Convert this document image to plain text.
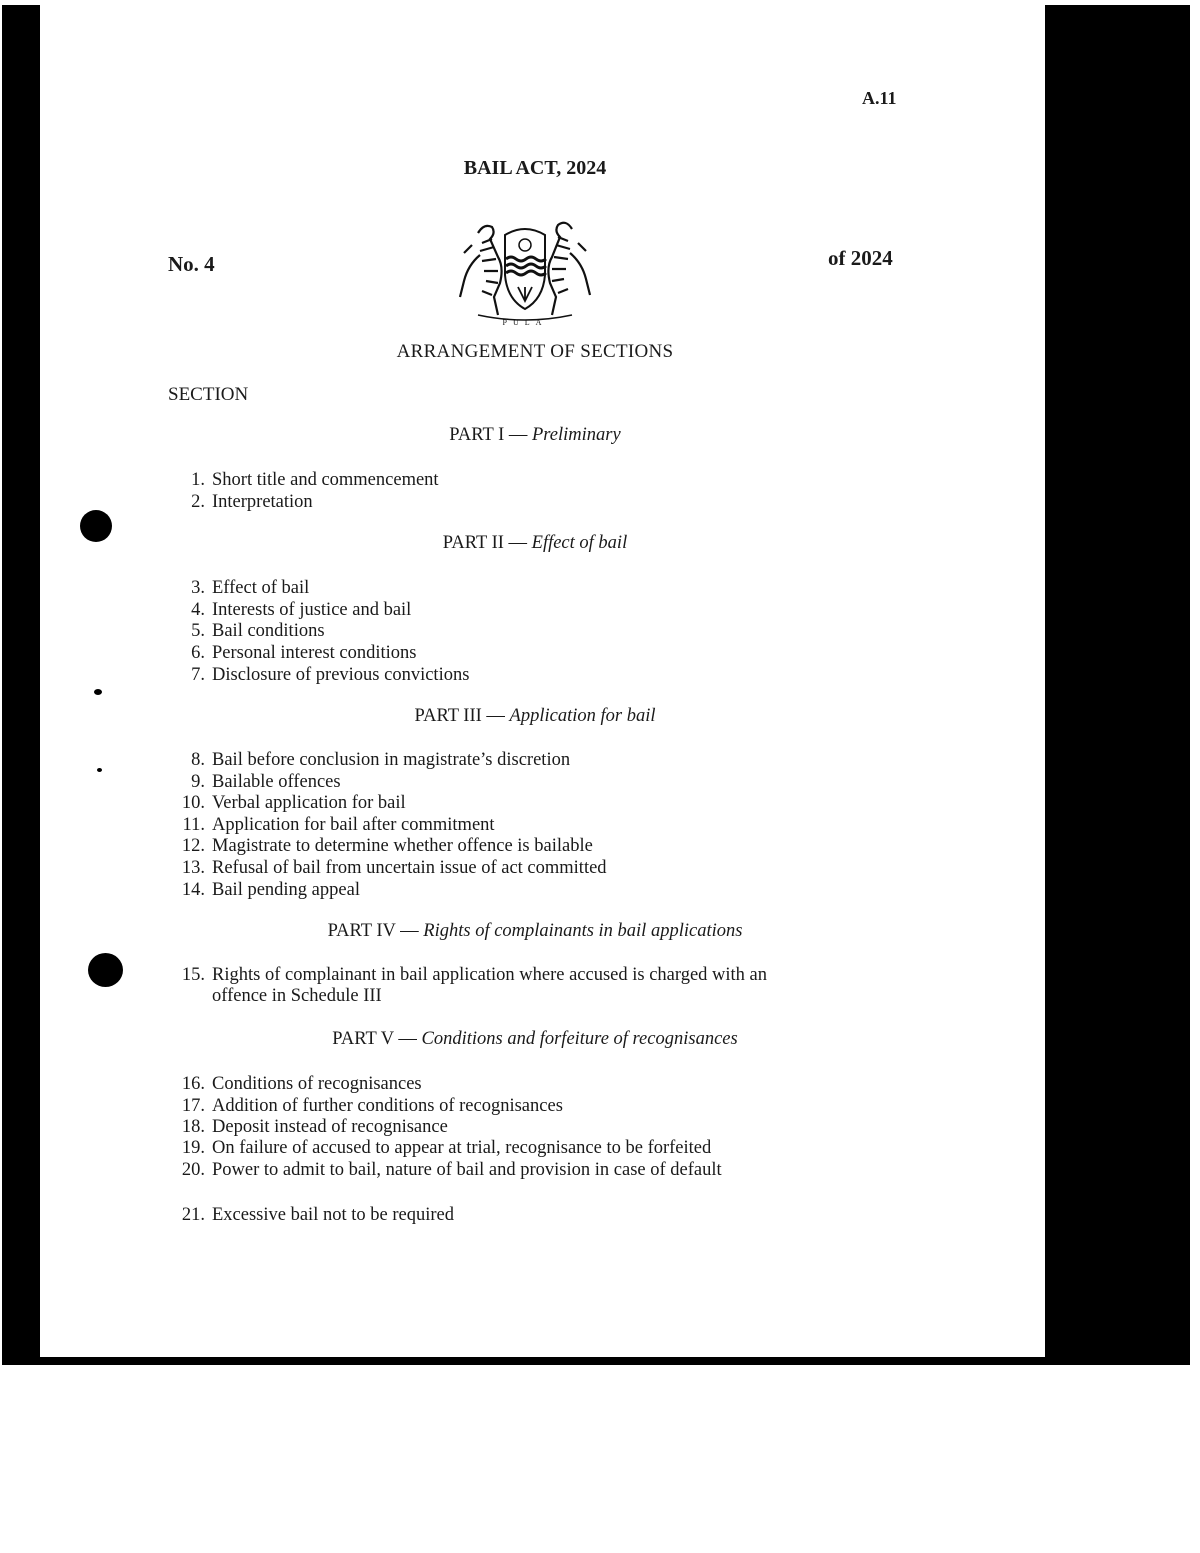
A.11
BAIL ACT, 2024
No. 4	of 2024
PULA
ARRANGEMENT OF SECTIONS
SECTION
PART I — Preliminary
1. Short title and commencement
2. Interpretation
PART II — Effect of bail
3. Effect of bail
4. Interests of justice and bail
5. Bail conditions
6. Personal interest conditions
7. Disclosure of previous convictions
PART III — Application for bail
8. Bail before conclusion in magistrate’s discretion
9. Bailable offences
10. Verbal application for bail
11. Application for bail after commitment
12. Magistrate to determine whether offence is bailable
13. Refusal of bail from uncertain issue of act committed
14. Bail pending appeal
PART IV — Rights of complainants in bail applications
15. Rights of complainant in bail application where accused is charged with an offence in Schedule III
PART V — Conditions and forfeiture of recognisances
16. Conditions of recognisances
17. Addition of further conditions of recognisances
18. Deposit instead of recognisance
19. On failure of accused to appear at trial, recognisance to be forfeited
20. Power to admit to bail, nature of bail and provision in case of default
21. Excessive bail not to be required
